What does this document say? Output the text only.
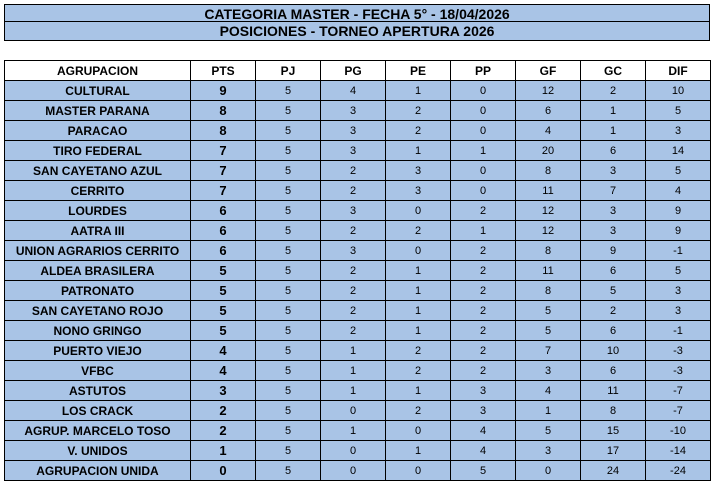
CATEGORIA MASTER - FECHA 5° - 18/04/2026
POSICIONES - TORNEO APERTURA 2026
AGRUPACION	PTS	PJ	PG	PE	PP	GF	GC	DIF
CULTURAL	9	5	4	1	0	12	2	10
MASTER PARANA	8	5	3	2	0	6	1	5
PARACAO	8	5	3	2	0	4	1	3
TIRO FEDERAL	7	5	3	1	1	20	6	14
SAN CAYETANO AZUL	7	5	2	3	0	8	3	5
CERRITO	7	5	2	3	0	11	7	4
LOURDES	6	5	3	0	2	12	3	9
AATRA III	6	5	2	2	1	12	3	9
UNION AGRARIOS CERRITO	6	5	3	0	2	8	9	-1
ALDEA BRASILERA	5	5	2	1	2	11	6	5
PATRONATO	5	5	2	1	2	8	5	3
SAN CAYETANO ROJO	5	5	2	1	2	5	2	3
NONO GRINGO	5	5	2	1	2	5	6	-1
PUERTO VIEJO	4	5	1	2	2	7	10	-3
VFBC	4	5	1	2	2	3	6	-3
ASTUTOS	3	5	1	1	3	4	11	-7
LOS CRACK	2	5	0	2	3	1	8	-7
AGRUP. MARCELO TOSO	2	5	1	0	4	5	15	-10
V. UNIDOS	1	5	0	1	4	3	17	-14
AGRUPACION UNIDA	0	5	0	0	5	0	24	-24
